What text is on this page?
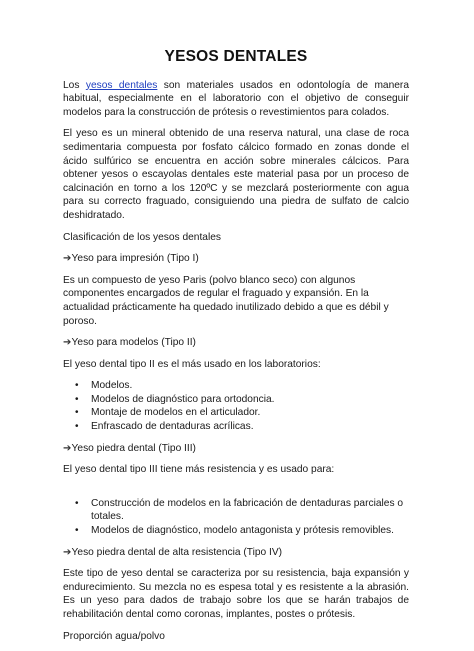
YESOS DENTALES

Los yesos dentales son materiales usados en odontología de manera habitual, especialmente en el laboratorio con el objetivo de conseguir modelos para la construcción de prótesis o revestimientos para colados.

El yeso es un mineral obtenido de una reserva natural, una clase de roca sedimentaria compuesta por fosfato cálcico formado en zonas donde el ácido sulfúrico se encuentra en acción sobre minerales cálcicos. Para obtener yesos o escayolas dentales este material pasa por un proceso de calcinación en torno a los 120ºC y se mezclará posteriormente con agua para su correcto fraguado, consiguiendo una piedra de sulfato de calcio deshidratado.

Clasificación de los yesos dentales

➔Yeso para impresión (Tipo I)

Es un compuesto de yeso Paris (polvo blanco seco) con algunos componentes encargados de regular el fraguado y expansión. En la actualidad prácticamente ha quedado inutilizado debido a que es débil y poroso.

➔Yeso para modelos (Tipo II)

El yeso dental tipo II es el más usado en los laboratorios:

• Modelos.
• Modelos de diagnóstico para ortodoncia.
• Montaje de modelos en el articulador.
• Enfrascado de dentaduras acrílicas.

➔Yeso piedra dental (Tipo III)

El yeso dental tipo III tiene más resistencia y es usado para:

• Construcción de modelos en la fabricación de dentaduras parciales o totales.
• Modelos de diagnóstico, modelo antagonista y prótesis removibles.

➔Yeso piedra dental de alta resistencia (Tipo IV)

Este tipo de yeso dental se caracteriza por su resistencia, baja expansión y endurecimiento. Su mezcla no es espesa total y es resistente a la abrasión. Es un yeso para dados de trabajo sobre los que se harán trabajos de rehabilitación dental como coronas, implantes, postes o prótesis.

Proporción agua/polvo
